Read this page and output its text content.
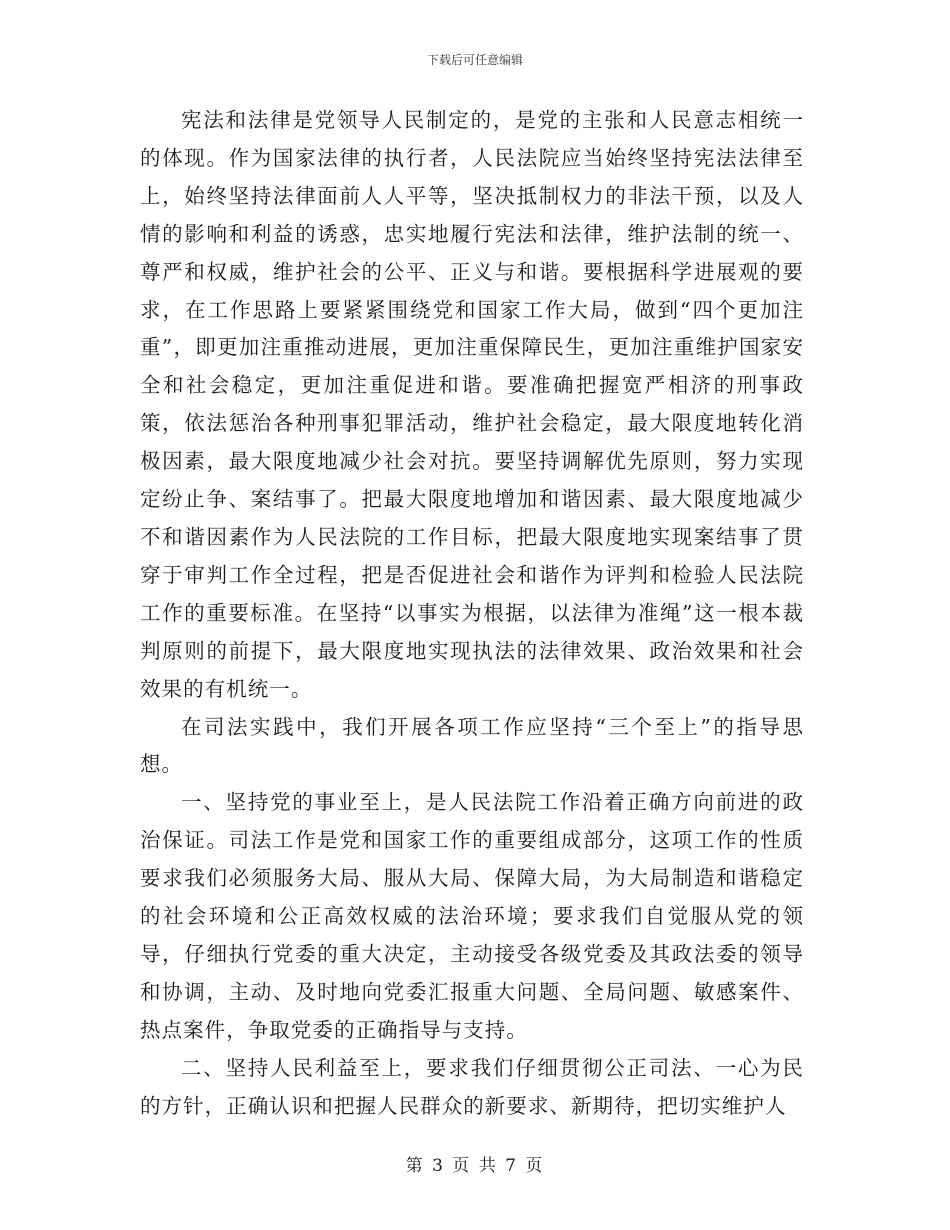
下载后可任意编辑

宪法和法律是党领导人民制定的，是党的主张和人民意志相统一的体现。作为国家法律的执行者，人民法院应当始终坚持宪法法律至上，始终坚持法律面前人人平等，坚决抵制权力的非法干预，以及人情的影响和利益的诱惑，忠实地履行宪法和法律，维护法制的统一、尊严和权威，维护社会的公平、正义与和谐。要根据科学进展观的要求，在工作思路上要紧紧围绕党和国家工作大局，做到“四个更加注重”，即更加注重推动进展，更加注重保障民生，更加注重维护国家安全和社会稳定，更加注重促进和谐。要准确把握宽严相济的刑事政策，依法惩治各种刑事犯罪活动，维护社会稳定，最大限度地转化消极因素，最大限度地减少社会对抗。要坚持调解优先原则，努力实现定纷止争、案结事了。把最大限度地增加和谐因素、最大限度地减少不和谐因素作为人民法院的工作目标，把最大限度地实现案结事了贯穿于审判工作全过程，把是否促进社会和谐作为评判和检验人民法院工作的重要标准。在坚持“以事实为根据，以法律为准绳”这一根本裁判原则的前提下，最大限度地实现执法的法律效果、政治效果和社会效果的有机统一。

在司法实践中，我们开展各项工作应坚持“三个至上”的指导思想。

一、坚持党的事业至上，是人民法院工作沿着正确方向前进的政治保证。司法工作是党和国家工作的重要组成部分，这项工作的性质要求我们必须服务大局、服从大局、保障大局，为大局制造和谐稳定的社会环境和公正高效权威的法治环境；要求我们自觉服从党的领导，仔细执行党委的重大决定，主动接受各级党委及其政法委的领导和协调，主动、及时地向党委汇报重大问题、全局问题、敏感案件、热点案件，争取党委的正确指导与支持。

二、坚持人民利益至上，要求我们仔细贯彻公正司法、一心为民的方针，正确认识和把握人民群众的新要求、新期待，把切实维护人

第 3 页 共 7 页
